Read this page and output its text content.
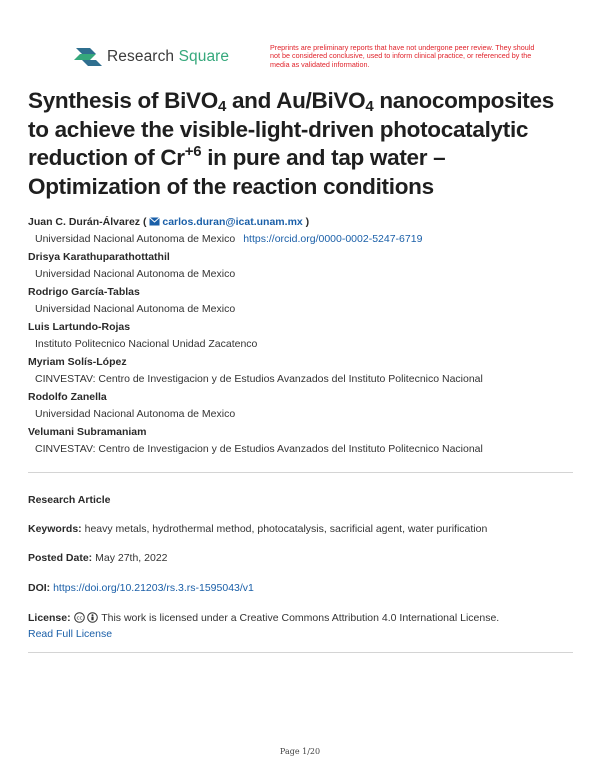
Research Square

Preprints are preliminary reports that have not undergone peer review. They should not be considered conclusive, used to inform clinical practice, or referenced by the media as validated information.

Synthesis of BiVO$_4$ and Au/BiVO$_4$ nanocomposites to achieve the visible-light-driven photocatalytic reduction of $Cr^{+6}$ in pure and tap water – Optimization of the reaction conditions
Juan C. Durán-Álvarez ( carlos.duran@icat.unam.mx )
Universidad Nacional Autonoma de Mexico https://orcid.org/0000-0002-5247-6719
Drisya Karathuparathottathil
Universidad Nacional Autonoma de Mexico
Rodrigo García-Tablas
Universidad Nacional Autonoma de Mexico
Luis Lartundo-Rojas
Instituto Politecnico Nacional Unidad Zacatenco
Myriam Solís-López
CINVESTAV: Centro de Investigacion y de Estudios Avanzados del Instituto Politecnico Nacional
Rodolfo Zanella
Universidad Nacional Autonoma de Mexico
Velumani Subramaniam
CINVESTAV: Centro de Investigacion y de Estudios Avanzados del Instituto Politecnico Nacional
Research Article
Keywords: heavy metals, hydrothermal method, photocatalysis, sacrificial agent, water purification
Posted Date: May 27th, 2022
DOI: https://doi.org/10.21203/rs.3.rs-1595043/v1
License: cc This work is licensed under a Creative Commons Attribution 4.0 International License.
Read Full License
Page 1/20
